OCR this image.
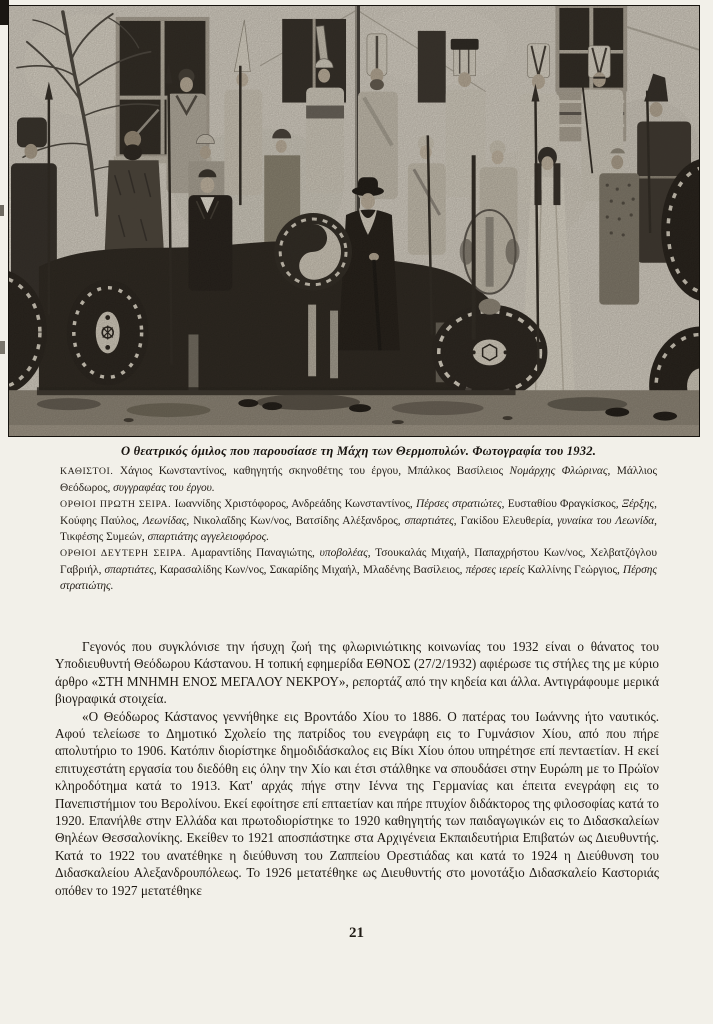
Ο θεατρικός όμιλος που παρουσίασε τη Μάχη των Θερμοπυλών. Φωτογραφία του 1932.

ΚΑΘΙΣΤΟΙ. Χάγιος Κωνσταντίνος, καθηγητής σκηνοθέτης του έργου, Μπάλκος Βασίλειος Νομάρχης Φλώρινας, Μάλλιος Θεόδωρος, συγγραφέας του έργου.

ΟΡΘΙΟΙ ΠΡΩΤΗ ΣΕΙΡΑ. Ιωαννίδης Χριστόφορος, Ανδρεάδης Κωνσταντίνος, Πέρσες στρατιώτες, Ευσταθίου Φραγκίσκος, Ξέρξης, Κούφης Παύλος, Λεωνίδας, Νικολαΐδης Κων/νος, Βατσίδης Αλέξανδρος, σπαρτιάτες, Γακίδου Ελευθερία, γυναίκα του Λεωνίδα, Τικφέσης Συμεών, σπαρτιάτης αγγελειοφόρος.

ΟΡΘΙΟΙ ΔΕΥΤΕΡΗ ΣΕΙΡΑ. Αμαραντίδης Παναγιώτης, υποβολέας, Τσουκαλάς Μιχαήλ, Παπαχρήστου Κων/νος, Χελβατζόγλου Γαβριήλ, σπαρτιάτες, Καρασαλίδης Κων/νος, Σακαρίδης Μιχαήλ, Μλαδένης Βασίλειος, πέρσες ιερείς Καλλίνης Γεώργιος, Πέρσης στρατιώτης.

Γεγονός που συγκλόνισε την ήσυχη ζωή της φλωρινιώτικης κοινωνίας του 1932 είναι ο θάνατος του Υποδιευθυντή Θεόδωρου Κάστανου. Η τοπική εφημερίδα ΕΘΝΟΣ (27/2/1932) αφιέρωσε τις στήλες της με κύριο άρθρο «ΣΤΗ ΜΝΗΜΗ ΕΝΟΣ ΜΕΓΑΛΟΥ ΝΕΚΡΟΥ», ρεπορτάζ από την κηδεία και άλλα. Αντιγράφουμε μερικά βιογραφικά στοιχεία.

«Ο Θεόδωρος Κάστανος γεννήθηκε εις Βροντάδο Χίου το 1886. Ο πατέρας του Ιωάννης ήτο ναυτικός. Αφού τελείωσε το Δημοτικό Σχολείο της πατρίδος του ενεγράφη εις το Γυμνάσιον Χίου, από που πήρε απολυτήριο το 1906. Κατόπιν διορίστηκε δημοδιδάσκαλος εις Βίκι Χίου όπου υπηρέτησε επί πενταετίαν. Η εκεί επιτυχεστάτη εργασία του διεδόθη εις όλην την Χίο και έτσι στάλθηκε να σπουδάσει στην Ευρώπη με το Πρώϊον κληροδότημα κατά το 1913. Κατ' αρχάς πήγε στην Ιέννα της Γερμανίας και έπειτα ενεγράφη εις το Πανεπιστήμιον του Βερολίνου. Εκεί εφοίτησε επί επταετίαν και πήρε πτυχίον διδάκτορος της φιλοσοφίας κατά το 1920. Επανήλθε στην Ελλάδα και πρωτοδιορίστηκε το 1920 καθηγητής των παιδαγωγικών εις το Διδασκαλείων Θηλέων Θεσσαλονίκης. Εκείθεν το 1921 αποσπάστηκε στα Αρχιγένεια Εκπαιδευτήρια Επιβατών ως Διευθυντής. Κατά το 1922 του ανατέθηκε η διεύθυνση του Ζαππείου Ορεστιάδας και κατά το 1924 η Διεύθυνση του Διδασκαλείου Αλεξανδρουπόλεως. Το 1926 μετατέθηκε ως Διευθυντής στο μονοτάξιο Διδασκαλείο Καστοριάς οπόθεν το 1927 μετατέθηκε

21
